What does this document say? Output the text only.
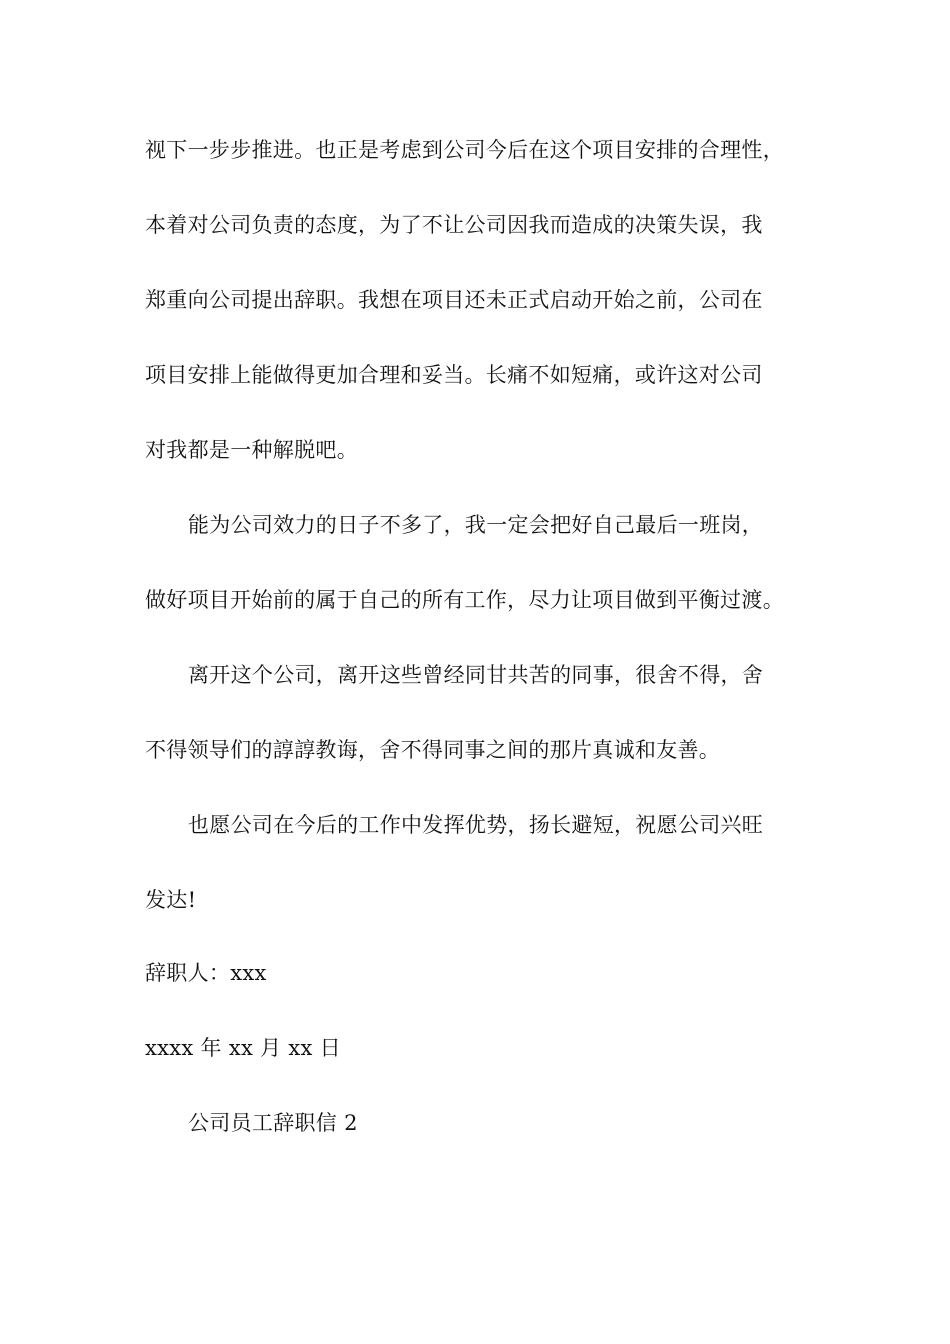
视下一步步推进。也正是考虑到公司今后在这个项目安排的合理性，
本着对公司负责的态度，为了不让公司因我而造成的决策失误，我
郑重向公司提出辞职。我想在项目还未正式启动开始之前，公司在
项目安排上能做得更加合理和妥当。长痛不如短痛，或许这对公司
对我都是一种解脱吧。
能为公司效力的日子不多了，我一定会把好自己最后一班岗，
做好项目开始前的属于自己的所有工作，尽力让项目做到平衡过渡。
离开这个公司，离开这些曾经同甘共苦的同事，很舍不得，舍
不得领导们的諄諄教诲，舍不得同事之间的那片真诚和友善。
也愿公司在今后的工作中发挥优势，扬长避短，祝愿公司兴旺
发达!
辞职人：xxx
xxxx 年 xx 月 xx 日
公司员工辞职信 2
